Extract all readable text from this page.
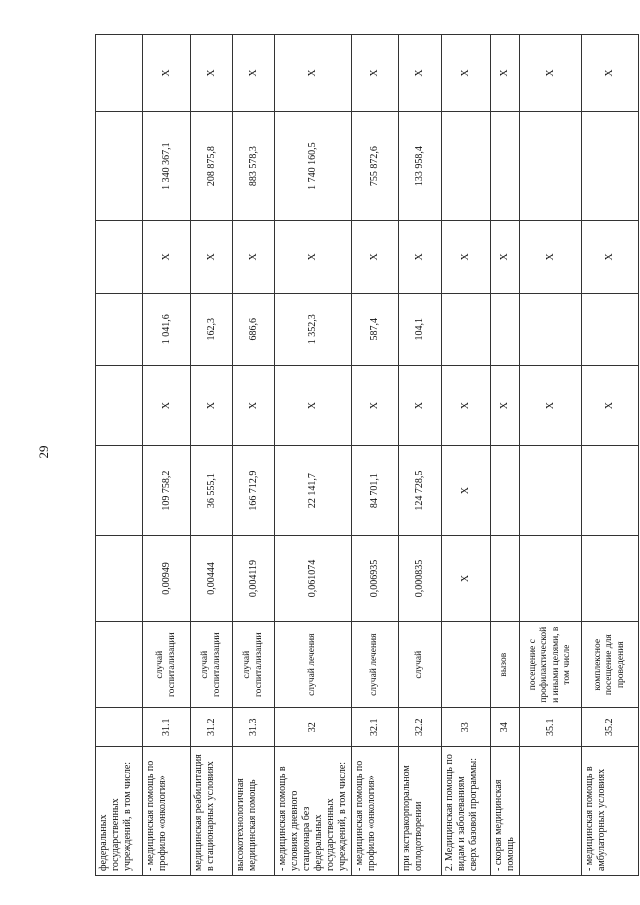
29
федеральных государственных учреждений, в том числе:									
- медицинская помощь по профилю «онкология»	31.1	случай госпитализации	0,00949	109 758,2	X	1 041,6	X	1 340 367,1	X
медицинская реабилитация в стационарных условиях	31.2	случай госпитализации	0,00444	36 555,1	X	162,3	X	208 875,8	X
высокотехнологичная медицинская помощь	31.3	случай госпитализации	0,004119	166 712,9	X	686,6	X	883 578,3	X
- медицинская помощь в условиях дневного стационара без федеральных государственных учреждений, в том числе:	32	случай лечения	0,061074	22 141,7	X	1 352,3	X	1 740 160,5	X
- медицинская помощь по профилю «онкология»	32.1	случай лечения	0,006935	84 701,1	X	587,4	X	755 872,6	X
при экстракорпоральном оплодотворении	32.2	случай	0,000835	124 728,5	X	104,1	X	133 958,4	X
2. Медицинская помощь по видам и заболеваниям сверх базовой программы:	33		X	X	X		X		X
- скорая медицинская помощь	34	вызов			X		X		X
	35.1	посещение с профилактической и иными целями, в том числе			X		X		X
- медицинская помощь в амбулаторных условиях	35.2	комплексное посещение для проведения			X		X		X
